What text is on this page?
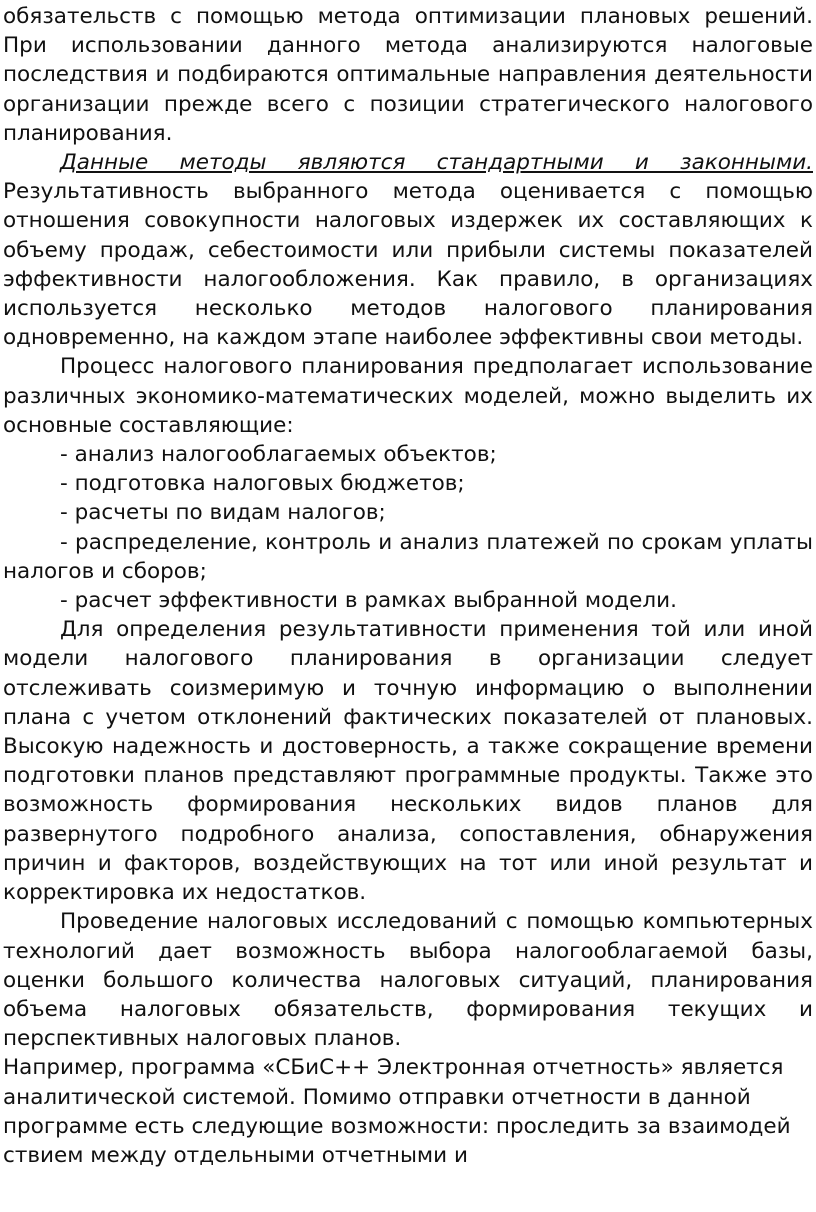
обязательств с помощью метода оптимизации плановых решений. При использовании данного метода анализируются налоговые последствия и подбираются оптимальные направления деятельности организации прежде всего с позиции стратегического налогового планирования.

Данные методы являются стандартными и законными. Результативность выбранного метода оценивается с помощью отношения совокупности налоговых издержек их составляющих к объему продаж, себестоимости или прибыли системы показателей эффективности налогообложения. Как правило, в организациях используется несколько методов налогового планирования одновременно, на каждом этапе наиболее эффективны свои методы.

Процесс налогового планирования предполагает использование различных экономико-математических моделей, можно выделить их основные составляющие:

- анализ налогооблагаемых объектов;

- подготовка налоговых бюджетов;

- расчеты по видам налогов;

- распределение, контроль и анализ платежей по срокам уплаты налогов и сборов;

- расчет эффективности в рамках выбранной модели.

Для определения результативности применения той или иной модели налогового планирования в организации следует отслеживать соизмеримую и точную информацию о выполнении плана с учетом отклонений фактических показателей от плановых. Высокую надежность и достоверность, а также сокращение времени подготовки планов представляют программные продукты. Также это возможность формирования нескольких видов планов для развернутого подробного анализа, сопоставления, обнаружения причин и факторов, воздействующих на тот или иной результат и корректировка их недостатков.

Проведение налоговых исследований с помощью компьютерных технологий дает возможность выбора налогооблагаемой базы, оценки большого количества налоговых ситуаций, планирования объема налоговых обязательств, формирования текущих и перспективных налоговых планов.

Например, программа «СБиС++ Электронная отчетность» является аналитической системой. Помимо отправки отчетности в данной программе есть следующие возможности: проследить за взаимодей ствием между отдельными отчетными и
